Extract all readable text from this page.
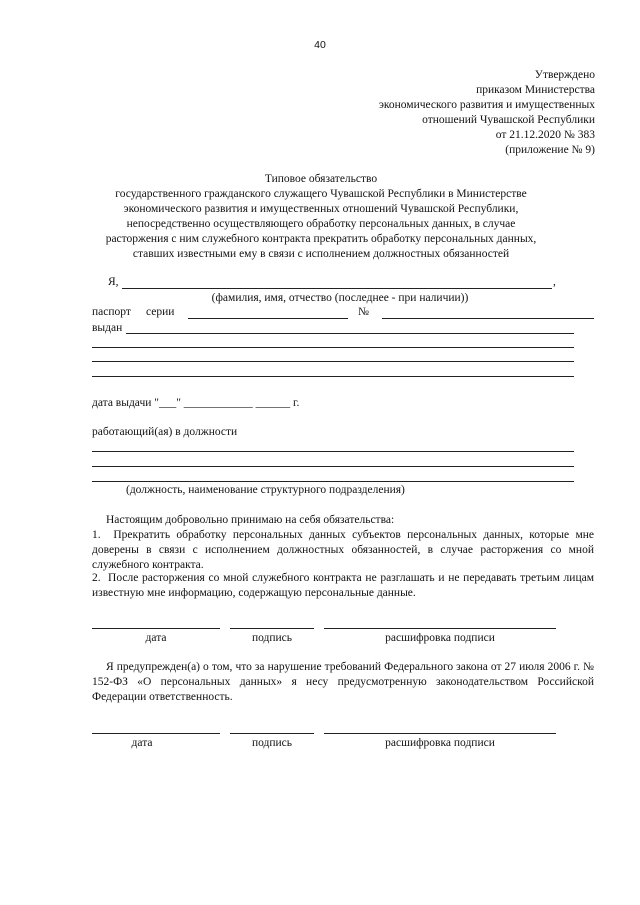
40
Утверждено
приказом Министерства
экономического развития и имущественных
отношений Чувашской Республики
от 21.12.2020 № 383
(приложение № 9)
Типовое обязательство
государственного гражданского служащего Чувашской Республики в Министерстве
экономического развития и имущественных отношений Чувашской Республики,
непосредственно осуществляющего обработку персональных данных, в случае
расторжения с ним служебного контракта прекратить обработку персональных данных,
ставших известными ему в связи с исполнением должностных обязанностей
Я,	,
(фамилия, имя, отчество (последнее - при наличии))
паспорт серии	№
выдан
дата выдачи "___" ____________ ______ г.
работающий(ая) в должности
(должность, наименование структурного подразделения)
Настоящим добровольно принимаю на себя обязательства:
1.  Прекратить обработку персональных данных субъектов персональных данных, которые мне доверены в связи с исполнением должностных обязанностей, в случае расторжения со мной служебного контракта.
2.  После расторжения со мной служебного контракта не разглашать и не передавать третьим лицам известную мне информацию, содержащую персональные данные.
дата	подпись	расшифровка подписи
Я предупрежден(а) о том, что за нарушение требований Федерального закона от 27 июля 2006 г. № 152-ФЗ «О персональных данных» я несу предусмотренную законодательством Российской Федерации ответственность.
дата	подпись	расшифровка подписи
